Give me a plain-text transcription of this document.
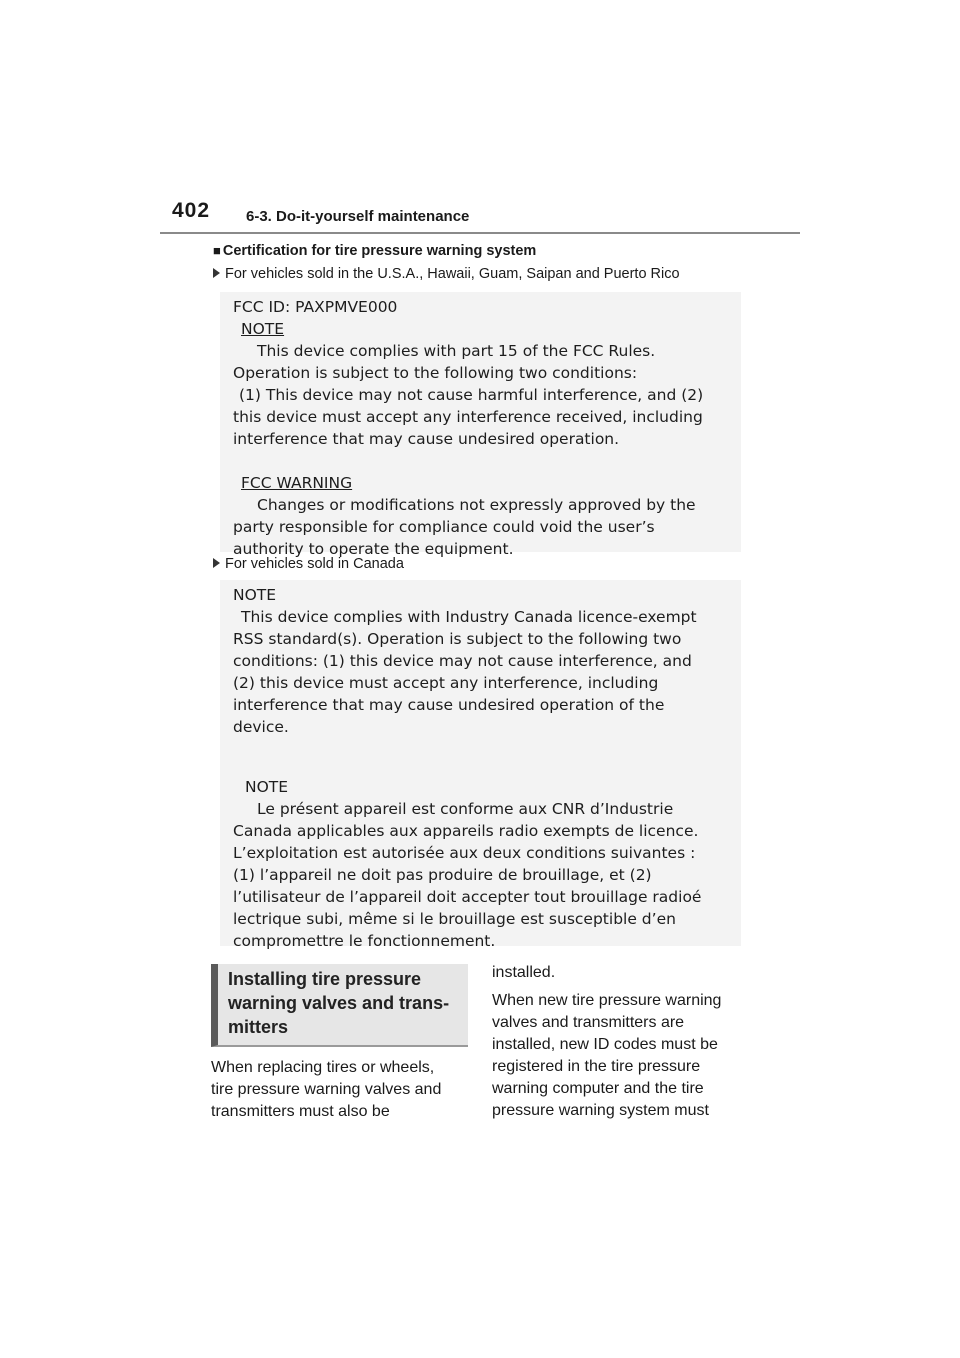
402 6-3. Do-it-yourself maintenance
■ Certification for tire pressure warning system
For vehicles sold in the U.S.A., Hawaii, Guam, Saipan and Puerto Rico
FCC ID: PAXPMVE000
NOTE
This device complies with part 15 of the FCC Rules.
Operation is subject to the following two conditions:
(1) This device may not cause harmful interference, and (2)
this device must accept any interference received, including
interference that may cause undesired operation.
FCC WARNING
Changes or modifications not expressly approved by the
party responsible for compliance could void the user’s
authority to operate the equipment.
For vehicles sold in Canada
NOTE
This device complies with Industry Canada licence-exempt
RSS standard(s). Operation is subject to the following two
conditions: (1) this device may not cause interference, and
(2) this device must accept any interference, including
interference that may cause undesired operation of the
device.
NOTE
Le présent appareil est conforme aux CNR d’Industrie
Canada applicables aux appareils radio exempts de licence.
L’exploitation est autorisée aux deux conditions suivantes :
(1) l’appareil ne doit pas produire de brouillage, et (2)
l’utilisateur de l’appareil doit accepter tout brouillage radioé
lectrique subi, même si le brouillage est susceptible d’en
compromettre le fonctionnement.
Installing tire pressure
warning valves and trans-
mitters
When replacing tires or wheels,
tire pressure warning valves and
transmitters must also be
installed.
When new tire pressure warning
valves and transmitters are
installed, new ID codes must be
registered in the tire pressure
warning computer and the tire
pressure warning system must
